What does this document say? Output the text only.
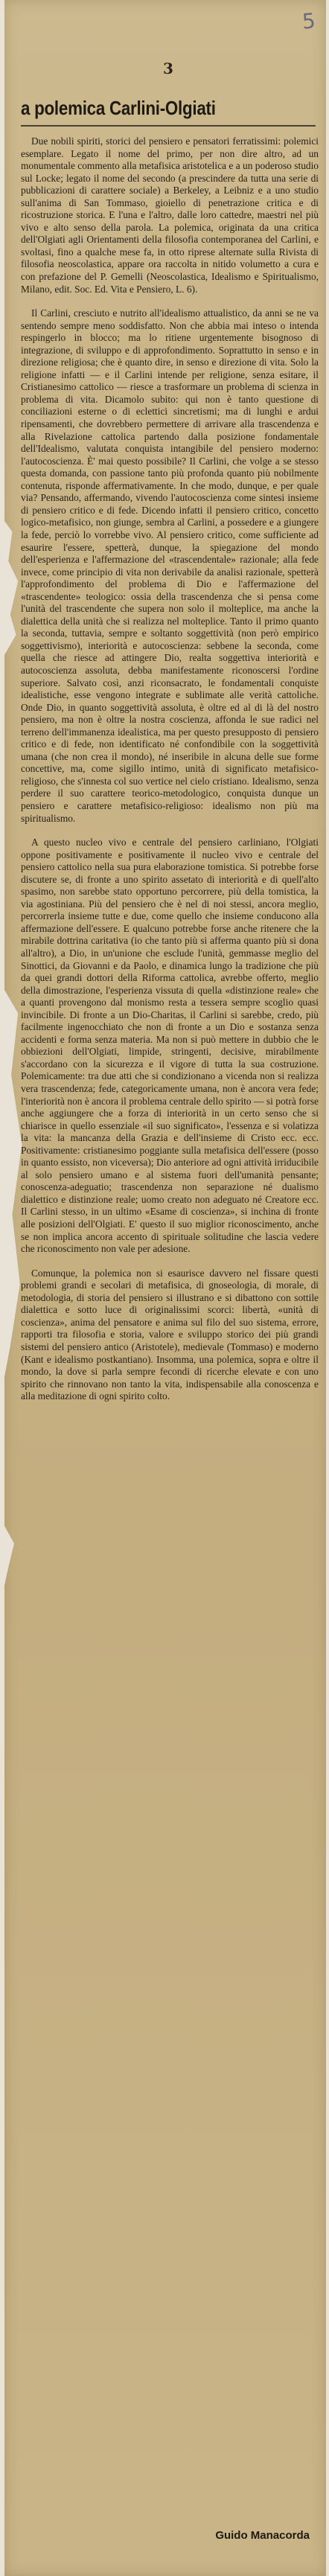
5
3
a polemica Carlini-Olgiati

Due nobili spiriti, storici del pensiero e pensatori ferratissimi: polemici esemplare. Legato il nome del primo, per non dire altro, ad un monumentale commento alla metafisica aristotelica e a un poderoso studio sul Locke; legato il nome del secondo (a prescindere da tutta una serie di pubblicazioni di carattere sociale) a Berkeley, a Leibniz e a uno studio sull'anima di San Tommaso, gioiello di penetrazione critica e di ricostruzione storica. E l'una e l'altro, dalle loro cattedre, maestri nel più vivo e alto senso della parola. La polemica, originata da una critica dell'Olgiati agli Orientamenti della filosofia contemporanea del Carlini, e svoltasi, fino a qualche mese fa, in otto riprese alternate sulla Rivista di filosofia neoscolastica, appare ora raccolta in nitido volumetto a cura e con prefazione del P. Gemelli (Neoscolastica, Idealismo e Spiritualismo, Milano, edit. Soc. Ed. Vita e Pensiero, L. 6).

Il Carlini, cresciuto e nutrito all'idealismo attualistico, da anni se ne va sentendo sempre meno soddisfatto. Non che abbia mai inteso o intenda respingerlo in blocco; ma lo ritiene urgentemente bisognoso di integrazione, di sviluppo e di approfondimento. Soprattutto in senso e in direzione religiosa; che è quanto dire, in senso e direzione di vita. Solo la religione infatti — e il Carlini intende per religione, senza esitare, il Cristianesimo cattolico — riesce a trasformare un problema di scienza in problema di vita. Dicamolo subito: qui non è tanto questione di conciliazioni esterne o di eclettici sincretismi; ma di lunghi e ardui ripensamenti, che dovrebbero permettere di arrivare alla trascendenza e alla Rivelazione cattolica partendo dalla posizione fondamentale dell'Idealismo, valutata conquista intangibile del pensiero moderno: l'autocoscienza. È' mai questo possibile? Il Carlini, che volge a se stesso questa domanda, con passione tanto più profonda quanto più nobilmente contenuta, risponde affermativamente. In che modo, dunque, e per quale via? Pensando, affermando, vivendo l'autocoscienza come sintesi insieme di pensiero critico e di fede. Dicendo infatti il pensiero critico, concetto logico-metafisico, non giunge, sembra al Carlini, a possedere e a giungere la fede, perciò lo vorrebbe vivo. Al pensiero critico, come sufficiente ad esaurire l'essere, spetterà, dunque, la spiegazione del mondo dell'esperienza e l'affermazione del «trascendentale» razionale; alla fede invece, come principio di vita non derivabile da analisi razionale, spetterà l'approfondimento del problema di Dio e l'affermazione del «trascendente» teologico: ossia della trascendenza che si pensa come l'unità del trascendente che supera non solo il molteplice, ma anche la dialettica della unità che si realizza nel molteplice. Tanto il primo quanto la seconda, tuttavia, sempre e soltanto soggettività (non però empirico soggettivismo), interiorità e autocoscienza: sebbene la seconda, come quella che riesce ad attingere Dio, realta soggettiva interiorità e autocoscienza assoluta, debba manifestamente riconoscersi l'ordine superiore. Salvato così, anzi riconsacrato, le fondamentali conquiste idealistiche, esse vengono integrate e sublimate alle verità cattoliche. Onde Dio, in quanto soggettività assoluta, è oltre ed al di là del nostro pensiero, ma non è oltre la nostra coscienza, affonda le sue radici nel terreno dell'immanenza idealistica, ma per questo presupposto di pensiero critico e di fede, non identificato né confondibile con la soggettività umana (che non crea il mondo), né inseribile in alcuna delle sue forme concettive, ma, come sigillo intimo, unità di significato metafisico-religioso, che s'innesta col suo vertice nel cielo cristiano. Idealismo, senza perdere il suo carattere teorico-metodologico, conquista dunque un pensiero e carattere metafisico-religioso: idealismo non più ma spiritualismo.

A questo nucleo vivo e centrale del pensiero carliniano, l'Olgiati oppone positivamente e positivamente il nucleo vivo e centrale del pensiero cattolico nella sua pura elaborazione tomistica. Si potrebbe forse discutere se, di fronte a uno spirito assetato di interiorità e di quell'alto spasimo, non sarebbe stato opportuno percorrere, più della tomistica, la via agostiniana. Più del pensiero che è nel di noi stessi, ancora meglio, percorrerla insieme tutte e due, come quello che insieme conducono alla affermazione dell'essere. E qualcuno potrebbe forse anche ritenere che la mirabile dottrina caritativa (io che tanto più si afferma quanto più si dona all'altro), a Dio, in un'unione che esclude l'unità, gemmasse meglio del Sinottici, da Giovanni e da Paolo, e dinamica lungo la tradizione che più da quei grandi dottori della Riforma cattolica, avrebbe offerto, meglio della dimostrazione, l'esperienza vissuta di quella «distinzione reale» che a quanti provengono dal monismo resta a tessera sempre scoglio quasi invincibile. Di fronte a un Dio-Charitas, il Carlini si sarebbe, credo, più facilmente ingenocchiato che non di fronte a un Dio e sostanza senza accidenti e forma senza materia. Ma non si può mettere in dubbio che le obbiezioni dell'Olgiati, limpide, stringenti, decisive, mirabilmente s'accordano con la sicurezza e il vigore di tutta la sua costruzione. Polemicamente: tra due atti che si condizionano a vicenda non si realizza vera trascendenza; fede, categoricamente umana, non è ancora vera fede; l'interiorità non è ancora il problema centrale dello spirito — si potrà forse anche aggiungere che a forza di interiorità in un certo senso che si chiarisce in quello essenziale «il suo significato», l'essenza e si volatizza la vita: la mancanza della Grazia e dell'insieme di Cristo ecc. ecc. Positivamente: cristianesimo poggiante sulla metafisica dell'essere (posso in quanto essisto, non viceversa); Dio anteriore ad ogni attività irriducibile al solo pensiero umano e al sistema fuori dell'umanità pensante; conoscenza-adeguatio; trascendenza non separazione né dualismo dialettico e distinzione reale; uomo creato non adeguato né Creatore ecc. Il Carlini stesso, in un ultimo «Esame di coscienza», si inchina di fronte alle posizioni dell'Olgiati. E' questo il suo miglior riconoscimento, anche se non implica ancora accento di spirituale solitudine che lascia vedere che riconoscimento non vale per adesione.

Comunque, la polemica non si esaurisce davvero nel fissare questi problemi grandi e secolari di metafisica, di gnoseologia, di morale, di metodologia, di storia del pensiero si illustrano e si dibattono con sottile dialettica e sotto luce di originalissimi scorci: libertà, «unità di coscienza», anima del pensatore e anima sul filo del suo sistema, errore, rapporti tra filosofia e storia, valore e sviluppo storico dei più grandi sistemi del pensiero antico (Aristotele), medievale (Tommaso) e moderno (Kant e idealismo postkantiano). Insomma, una polemica, sopra e oltre il mondo, la dove si parla sempre fecondi di ricerche elevate e con uno spirito che rinnovano non tanto la vita, indispensabile alla conoscenza e alla meditazione di ogni spirito colto.

Guido Manacorda
